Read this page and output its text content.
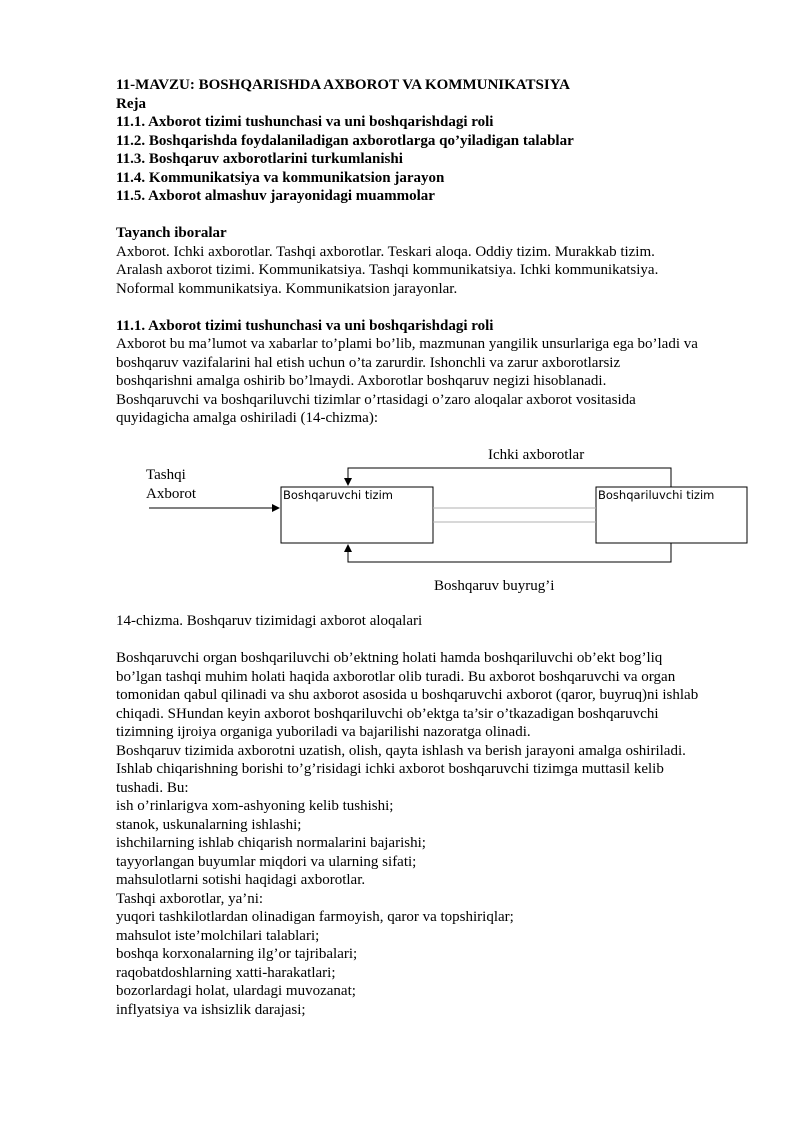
11-MAVZU: BOSHQARISHDA AXBOROT VA KOMMUNIKATSIYA

Reja

11.1. Axborot tizimi tushunchasi va uni boshqarishdagi roli

11.2. Boshqarishda foydalaniladigan axborotlarga qo’yiladigan talablar

11.3. Boshqaruv axborotlarini turkumlanishi

11.4. Kommunikatsiya va kommunikatsion jarayon

11.5. Axborot almashuv jarayonidagi muammolar

Tayanch iboralar

Axborot. Ichki axborotlar. Tashqi axborotlar. Teskari aloqa. Oddiy tizim. Murakkab tizim.

Aralash axborot tizimi. Kommunikatsiya. Tashqi kommunikatsiya. Ichki kommunikatsiya.

Noformal kommunikatsiya. Kommunikatsion jarayonlar.

11.1. Axborot tizimi tushunchasi va uni boshqarishdagi roli

Axborot bu ma’lumot va xabarlar to’plami bo’lib, mazmunan yangilik unsurlariga ega bo’ladi va

boshqaruv vazifalarini hal etish uchun o’ta zarurdir. Ishonchli va zarur axborotlarsiz

boshqarishni amalga oshirib bo’lmaydi. Axborotlar boshqaruv negizi hisoblanadi.

Boshqaruvchi va boshqariluvchi tizimlar o’rtasidagi o’zaro aloqalar axborot vositasida

quyidagicha amalga oshiriladi (14-chizma):

Ichki axborotlar
Tashqi
Axborot	Boshqaruvchi tizim	Boshqariluvchi tizim
Boshqaruv buyrug’i

14-chizma. Boshqaruv tizimidagi axborot aloqalari

Boshqaruvchi organ boshqariluvchi ob’ektning holati hamda boshqariluvchi ob’ekt bog’liq

bo’lgan tashqi muhim holati haqida axborotlar olib turadi. Bu axborot boshqaruvchi va organ

tomonidan qabul qilinadi va shu axborot asosida u boshqaruvchi axborot (qaror, buyruq)ni ishlab

chiqadi. SHundan keyin axborot boshqariluvchi ob’ektga ta’sir o’tkazadigan boshqaruvchi

tizimning ijroiya organiga yuboriladi va bajarilishi nazoratga olinadi.

Boshqaruv tizimida axborotni uzatish, olish, qayta ishlash va berish jarayoni amalga oshiriladi.

Ishlab chiqarishning borishi to’g’risidagi ichki axborot boshqaruvchi tizimga muttasil kelib

tushadi. Bu:

ish o’rinlarigva xom-ashyoning kelib tushishi;

stanok, uskunalarning ishlashi;

ishchilarning ishlab chiqarish normalarini bajarishi;

tayyorlangan buyumlar miqdori va ularning sifati;

mahsulotlarni sotishi haqidagi axborotlar.

Tashqi axborotlar, ya’ni:

yuqori tashkilotlardan olinadigan farmoyish, qaror va topshiriqlar;

mahsulot iste’molchilari talablari;

boshqa korxonalarning ilg’or tajribalari;

raqobatdoshlarning xatti-harakatlari;

bozorlardagi holat, ulardagi muvozanat;

inflyatsiya va ishsizlik darajasi;
